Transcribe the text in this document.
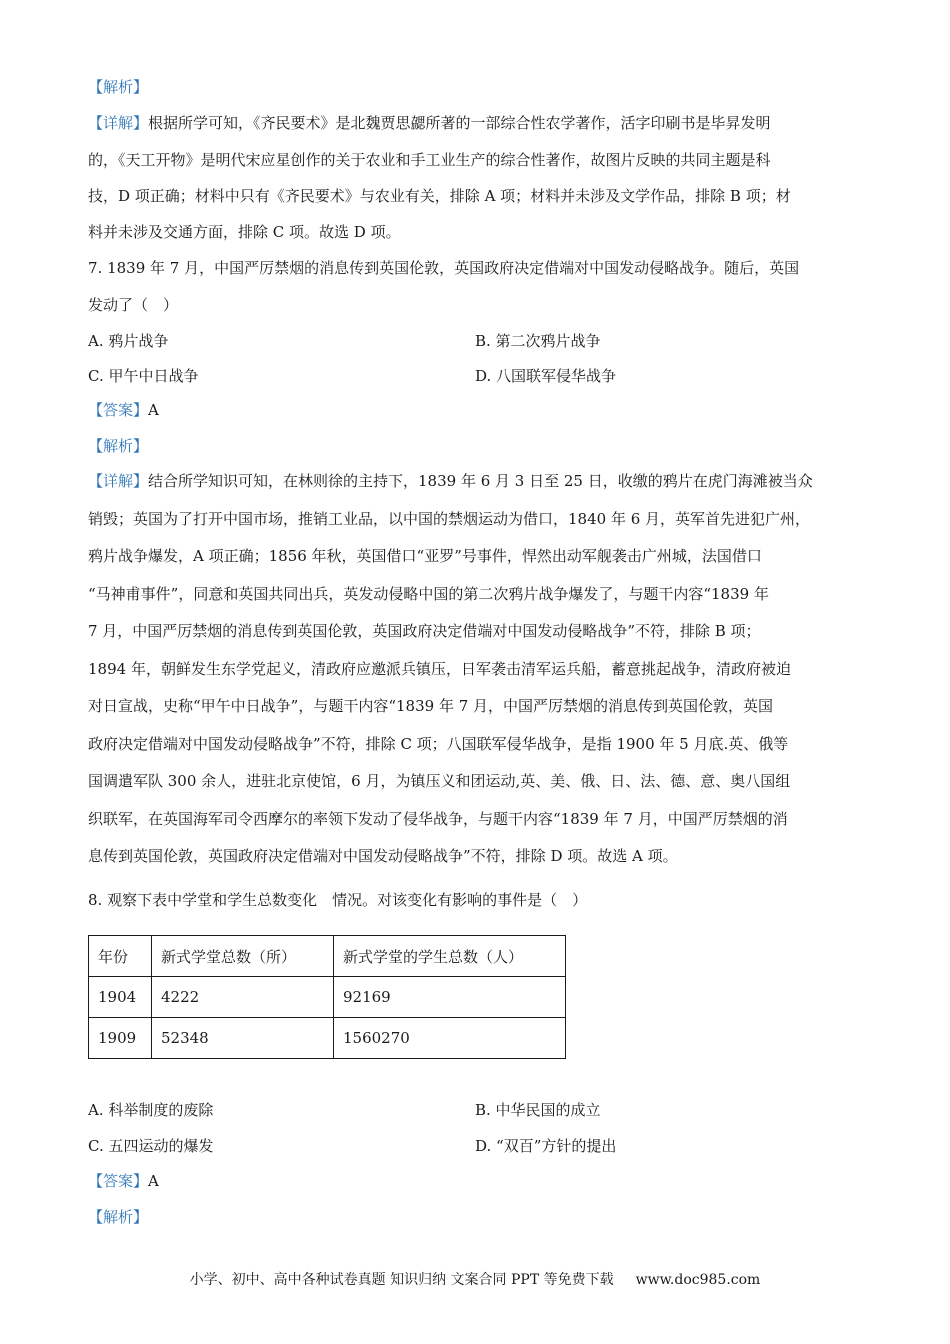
【解析】
【详解】根据所学可知，《齐民要术》是北魏贾思勰所著的一部综合性农学著作，活字印刷书是毕昇发明
的，《天工开物》是明代宋应星创作的关于农业和手工业生产的综合性著作，故图片反映的共同主题是科
技，D 项正确；材料中只有《齐民要术》与农业有关，排除 A 项；材料并未涉及文学作品，排除 B 项；材
料并未涉及交通方面，排除 C 项。故选 D 项。
7. 1839 年 7 月，中国严厉禁烟的消息传到英国伦敦，英国政府决定借端对中国发动侵略战争。随后，英国
发动了（　）
A. 鸦片战争	B. 第二次鸦片战争
C. 甲午中日战争	D. 八国联军侵华战争
【答案】A
【解析】
【详解】结合所学知识可知，在林则徐的主持下，1839 年 6 月 3 日至 25 日，收缴的鸦片在虎门海滩被当众
销毁；英国为了打开中国市场，推销工业品，以中国的禁烟运动为借口，1840 年 6 月，英军首先进犯广州，
鸦片战争爆发，A 项正确；1856 年秋，英国借口“亚罗”号事件，悍然出动军舰袭击广州城，法国借口
“马神甫事件”，同意和英国共同出兵，英发动侵略中国的第二次鸦片战争爆发了，与题干内容“1839 年
7 月，中国严厉禁烟的消息传到英国伦敦，英国政府决定借端对中国发动侵略战争”不符，排除 B 项；
1894 年，朝鲜发生东学党起义，清政府应邀派兵镇压，日军袭击清军运兵船，蓄意挑起战争，清政府被迫
对日宣战，史称“甲午中日战争”，与题干内容“1839 年 7 月，中国严厉禁烟的消息传到英国伦敦，英国
政府决定借端对中国发动侵略战争”不符，排除 C 项；八国联军侵华战争，是指 1900 年 5 月底.英、俄等
国调遣军队 300 余人，进驻北京使馆，6 月，为镇压义和团运动,英、美、俄、日、法、德、意、奥八国组
织联军，在英国海军司令西摩尔的率领下发动了侵华战争，与题干内容“1839 年 7 月，中国严厉禁烟的消
息传到英国伦敦，英国政府决定借端对中国发动侵略战争”不符，排除 D 项。故选 A 项。
8. 观察下表中学堂和学生总数变化　情况。对该变化有影响的事件是（　）
年份	新式学堂总数（所）	新式学堂的学生总数（人）
1904	4222	92169
1909	52348	1560270
A. 科举制度的废除	B. 中华民国的成立
C. 五四运动的爆发	D. “双百”方针的提出
【答案】A
【解析】
小学、初中、高中各种试卷真题 知识归纳 文案合同 PPT 等免费下载 www.doc985.com
